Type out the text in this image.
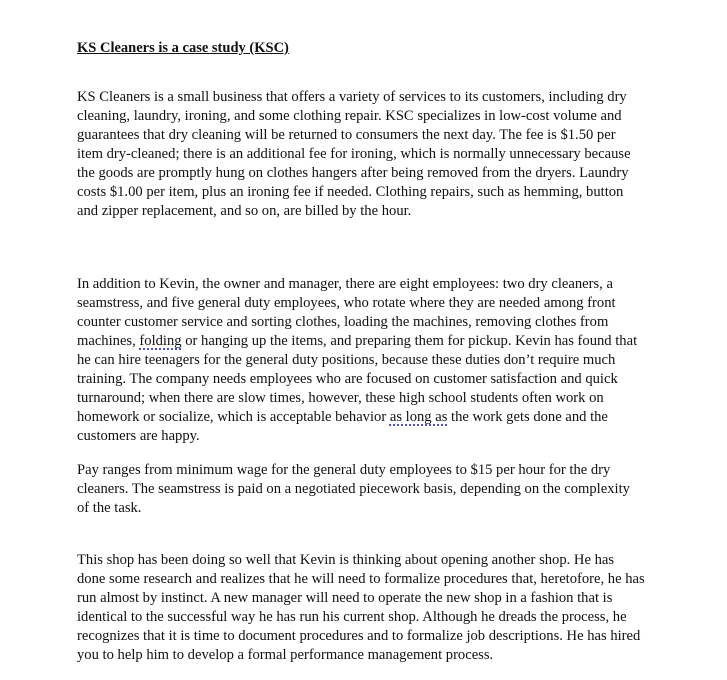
KS Cleaners is a case study (KSC)
KS Cleaners is a small business that offers a variety of services to its customers, including dry
cleaning, laundry, ironing, and some clothing repair. KSC specializes in low-cost volume and
guarantees that dry cleaning will be returned to consumers the next day. The fee is $1.50 per
item dry-cleaned; there is an additional fee for ironing, which is normally unnecessary because
the goods are promptly hung on clothes hangers after being removed from the dryers. Laundry
costs $1.00 per item, plus an ironing fee if needed. Clothing repairs, such as hemming, button
and zipper replacement, and so on, are billed by the hour.
In addition to Kevin, the owner and manager, there are eight employees: two dry cleaners, a
seamstress, and five general duty employees, who rotate where they are needed among front
counter customer service and sorting clothes, loading the machines, removing clothes from
machines, folding or hanging up the items, and preparing them for pickup. Kevin has found that
he can hire teenagers for the general duty positions, because these duties don’t require much
training. The company needs employees who are focused on customer satisfaction and quick
turnaround; when there are slow times, however, these high school students often work on
homework or socialize, which is acceptable behavior as long as the work gets done and the
customers are happy.
Pay ranges from minimum wage for the general duty employees to $15 per hour for the dry
cleaners. The seamstress is paid on a negotiated piecework basis, depending on the complexity
of the task.
This shop has been doing so well that Kevin is thinking about opening another shop. He has
done some research and realizes that he will need to formalize procedures that, heretofore, he has
run almost by instinct. A new manager will need to operate the new shop in a fashion that is
identical to the successful way he has run his current shop. Although he dreads the process, he
recognizes that it is time to document procedures and to formalize job descriptions. He has hired
you to help him to develop a formal performance management process.
